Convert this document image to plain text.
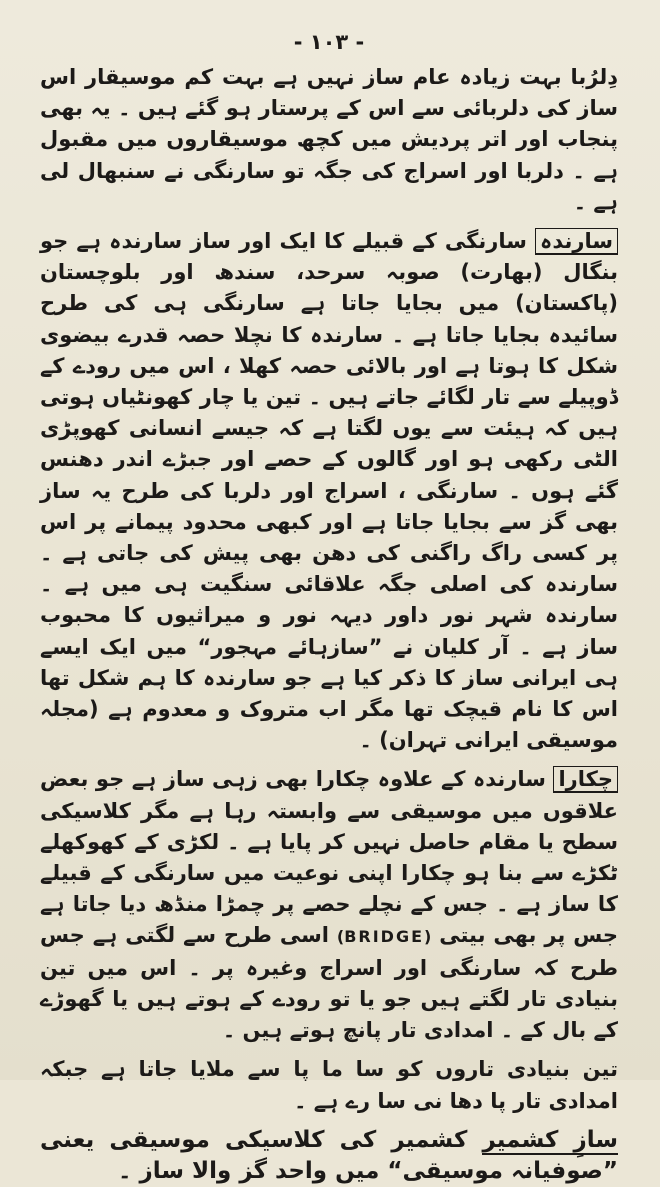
- ١٠٣ -

دِلرُبا بہت زیادہ عام ساز نہیں ہے بہت کم موسیقار اس ساز کی دلربائی سے اس کے پرستار ہو گئے ہیں ۔ یہ بھی پنجاب اور اتر پردیش میں کچھ موسیقاروں میں مقبول ہے ۔ دلربا اور اسراج کی جگہ تو سارنگی نے سنبھال لی ہے ۔

سارندہ سارنگی کے قبیلے کا ایک اور ساز سارندہ ہے جو بنگال (بھارت) صوبہ سرحد، سندھ اور بلوچستان (پاکستان) میں بجایا جاتا ہے سارنگی ہی کی طرح سائیدہ بجایا جاتا ہے ۔ سارندہ کا نچلا حصہ قدرے بیضوی شکل کا ہوتا ہے اور بالائی حصہ کھلا ، اس میں رودے کے ڈوپیلے سے تار لگائے جاتے ہیں ۔ تین یا چار کھونٹیاں ہوتی ہیں کہ ہیئت سے یوں لگتا ہے کہ جیسے انسانی کھوپڑی الٹی رکھی ہو اور گالوں کے حصے اور جبڑے اندر دھنس گئے ہوں ۔ سارنگی ، اسراج اور دلربا کی طرح یہ ساز بھی گز سے بجایا جاتا ہے اور کبھی محدود پیمانے پر اس پر کسی راگ راگنی کی دھن بھی پیش کی جاتی ہے ۔ سارندہ کی اصلی جگہ علاقائی سنگیت ہی میں ہے ۔ سارندہ شہر نور داور دیہہ نور و میراثیوں کا محبوب ساز ہے ۔ آر کلیان نے ”سازہائے مہجور“ میں ایک ایسے ہی ایرانی ساز کا ذکر کیا ہے جو سارندہ کا ہم شکل تھا اس کا نام قیچک تھا مگر اب متروک و معدوم ہے (مجلہ موسیقی ایرانی تہران) ۔

چکارا سارندہ کے علاوہ چکارا بھی زہی ساز ہے جو بعض علاقوں میں موسیقی سے وابستہ رہا ہے مگر کلاسیکی سطح یا مقام حاصل نہیں کر پایا ہے ۔ لکڑی کے کھوکھلے ٹکڑے سے بنا ہو چکارا اپنی نوعیت میں سارنگی کے قبیلے کا ساز ہے ۔ جس کے نچلے حصے پر چمڑا منڈھ دیا جاتا ہے جس پر بھی بیتی (BRIDGE) اسی طرح سے لگتی ہے جس طرح کہ سارنگی اور اسراج وغیرہ پر ۔ اس میں تین بنیادی تار لگتے ہیں جو یا تو رودے کے ہوتے ہیں یا گھوڑے کے بال کے ۔ امدادی تار پانچ ہوتے ہیں ۔

تین بنیادی تاروں کو سا ما پا سے ملایا جاتا ہے جبکہ امدادی تار پا دھا نی سا رے ہے ۔

سازِ کشمیر کشمیر کی کلاسیکی موسیقی یعنی ”صوفیانہ موسیقی“ میں واحد گز والا ساز ۔
